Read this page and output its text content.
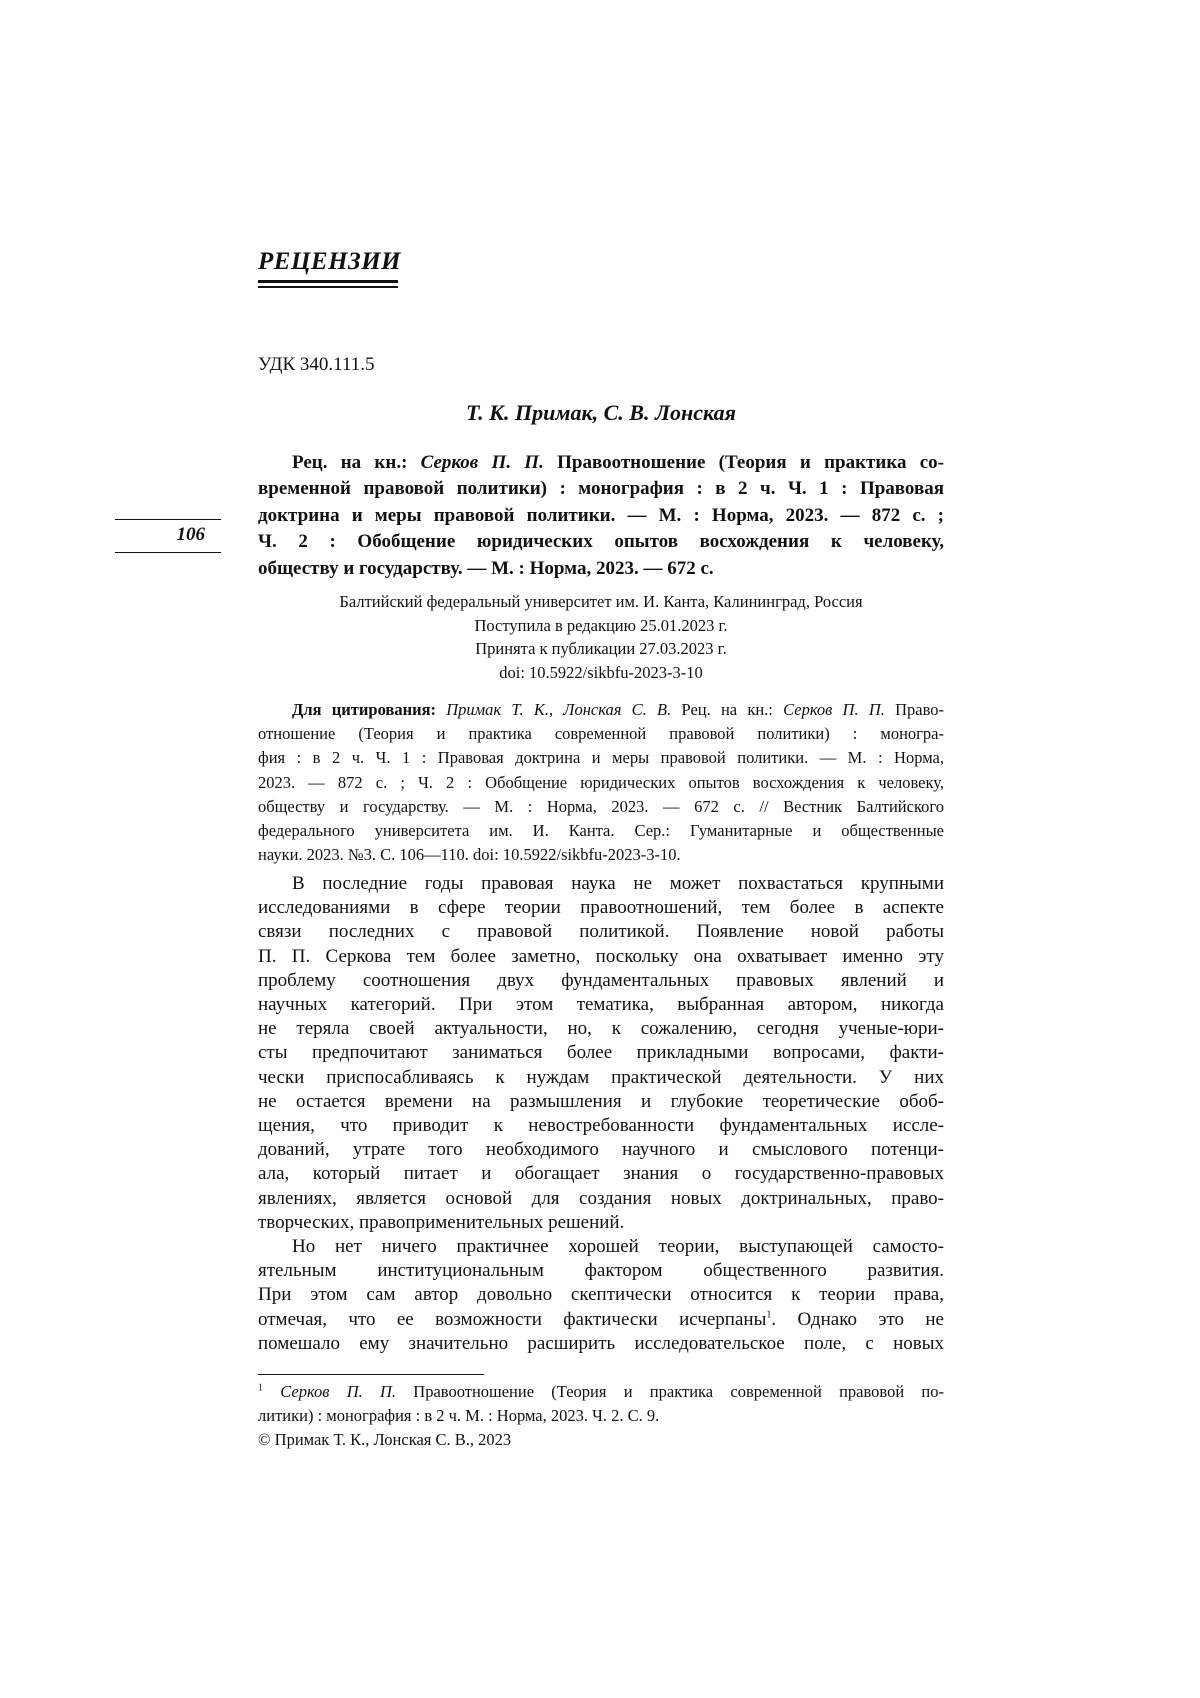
РЕЦЕНЗИИ
УДК 340.111.5
Т. К. Примак, С. В. Лонская
106
Рец. на кн.: Серков П. П. Правоотношение (Теория и практика со-
временной правовой политики) : монография : в 2 ч. Ч. 1 : Правовая
доктрина и меры правовой политики. — М. : Норма, 2023. — 872 с. ;
Ч. 2 : Обобщение юридических опытов восхождения к человеку,
обществу и государству. — М. : Норма, 2023. — 672 с.
Балтийский федеральный университет им. И. Канта, Калининград, Россия
Поступила в редакцию 25.01.2023 г.
Принята к публикации 27.03.2023 г.
doi: 10.5922/sikbfu-2023-3-10
Для цитирования: Примак Т. К., Лонская С. В. Рец. на кн.: Серков П. П. Право-
отношение (Теория и практика современной правовой политики) : моногра-
фия : в 2 ч. Ч. 1 : Правовая доктрина и меры правовой политики. — М. : Норма,
2023. — 872 с. ; Ч. 2 : Обобщение юридических опытов восхождения к человеку,
обществу и государству. — М. : Норма, 2023. — 672 с. // Вестник Балтийского
федерального университета им. И. Канта. Сер.: Гуманитарные и общественные
науки. 2023. №3. С. 106—110. doi: 10.5922/sikbfu-2023-3-10.
В последние годы правовая наука не может похвастаться крупными
исследованиями в сфере теории правоотношений, тем более в аспекте
связи последних с правовой политикой. Появление новой работы
П. П. Серкова тем более заметно, поскольку она охватывает именно эту
проблему соотношения двух фундаментальных правовых явлений и
научных категорий. При этом тематика, выбранная автором, никогда
не теряла своей актуальности, но, к сожалению, сегодня ученые-юри-
сты предпочитают заниматься более прикладными вопросами, факти-
чески приспосабливаясь к нуждам практической деятельности. У них
не остается времени на размышления и глубокие теоретические обоб-
щения, что приводит к невостребованности фундаментальных иссле-
дований, утрате того необходимого научного и смыслового потенци-
ала, который питает и обогащает знания о государственно-правовых
явлениях, является основой для создания новых доктринальных, право-
творческих, правоприменительных решений.
Но нет ничего практичнее хорошей теории, выступающей самосто-
ятельным институциональным фактором общественного развития.
При этом сам автор довольно скептически относится к теории права,
отмечая, что ее возможности фактически исчерпаны$^1$. Однако это не
помешало ему значительно расширить исследовательское поле, с новых
$^1$ Серков П. П. Правоотношение (Теория и практика современной правовой по-
литики) : монография : в 2 ч. М. : Норма, 2023. Ч. 2. С. 9.
© Примак Т. К., Лонская С. В., 2023
